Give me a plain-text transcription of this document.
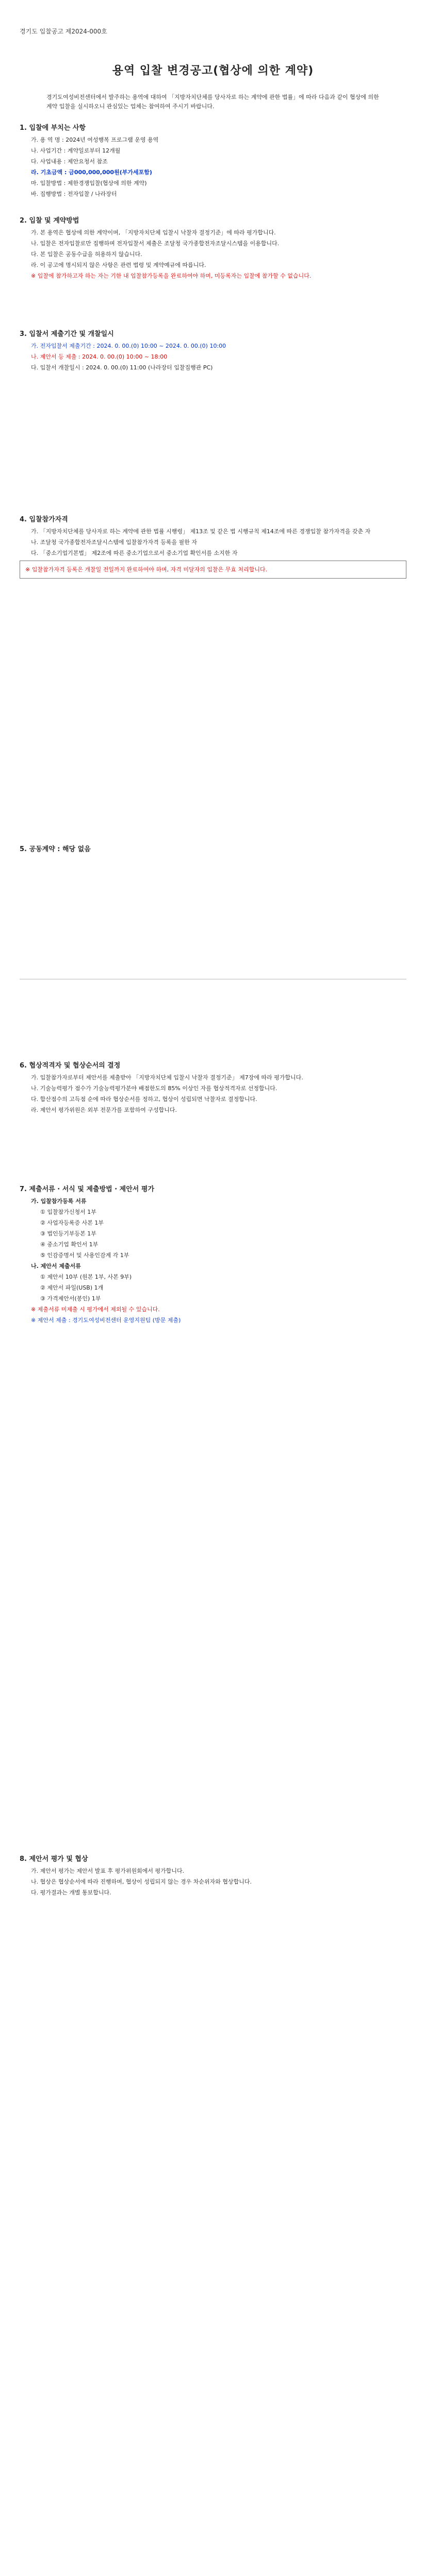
경기도 입찰공고 제2024-000호
용역 입찰 변경공고(협상에 의한 계약)
경기도여성비전센터에서 발주하는 용역에 대하여 「지방자치단체를 당사자로 하는 계약에 관한 법률」에 따라 다음과 같이 협상에 의한 계약 입찰을 실시하오니 관심있는 업체는 참여하여 주시기 바랍니다.
1. 입찰에 부치는 사항

가. 용 역 명 : 2024년 여성행복 프로그램 운영 용역

나. 사업기간 : 계약일로부터 12개월

다. 사업내용 : 제안요청서 참조

라. 기초금액 : 금000,000,000원(부가세포함)

마. 입찰방법 : 제한경쟁입찰(협상에 의한 계약)

바. 집행방법 : 전자입찰 / 나라장터

2. 입찰 및 계약방법

가. 본 용역은 협상에 의한 계약이며, 「지방자치단체 입찰시 낙찰자 결정기준」에 따라 평가합니다.

나. 입찰은 전자입찰로만 집행하며 전자입찰서 제출은 조달청 국가종합전자조달시스템을 이용합니다.

다. 본 입찰은 공동수급을 허용하지 않습니다.

라. 이 공고에 명시되지 않은 사항은 관련 법령 및 계약예규에 따릅니다.

※ 입찰에 참가하고자 하는 자는 기한 내 입찰참가등록을 완료하여야 하며, 미등록자는 입찰에 참가할 수 없습니다.

3. 입찰서 제출기간 및 개찰일시

가. 전자입찰서 제출기간 : 2024. 0. 00.(0) 10:00 ~ 2024. 0. 00.(0) 10:00

나. 제안서 등 제출 : 2024. 0. 00.(0) 10:00 ~ 18:00

다. 입찰서 개찰일시 : 2024. 0. 00.(0) 11:00 (나라장터 입찰집행관 PC)

4. 입찰참가자격

가. 「지방자치단체를 당사자로 하는 계약에 관한 법률 시행령」 제13조 및 같은 법 시행규칙 제14조에 따른 경쟁입찰 참가자격을 갖춘 자

나. 조달청 국가종합전자조달시스템에 입찰참가자격 등록을 필한 자

다. 「중소기업기본법」 제2조에 따른 중소기업으로서 중소기업 확인서를 소지한 자

※ 입찰참가자격 등록은 개찰일 전일까지 완료하여야 하며, 자격 미달자의 입찰은 무효 처리합니다.
5. 공동계약 : 해당 없음
6. 협상적격자 및 협상순서의 결정

가. 입찰참가자로부터 제안서를 제출받아 「지방자치단체 입찰시 낙찰자 결정기준」 제7장에 따라 평가합니다.

나. 기술능력평가 점수가 기술능력평가분야 배점한도의 85% 이상인 자를 협상적격자로 선정합니다.

다. 합산점수의 고득점 순에 따라 협상순서를 정하고, 협상이 성립되면 낙찰자로 결정합니다.

라. 제안서 평가위원은 외부 전문가를 포함하여 구성합니다.

7. 제출서류 · 서식 및 제출방법 · 제안서 평가

가. 입찰참가등록 서류

① 입찰참가신청서 1부

② 사업자등록증 사본 1부

③ 법인등기부등본 1부

④ 중소기업 확인서 1부

⑤ 인감증명서 및 사용인감계 각 1부

나. 제안서 제출서류

① 제안서 10부 (원본 1부, 사본 9부)

② 제안서 파일(USB) 1개

③ 가격제안서(봉인) 1부

※ 제출서류 미제출 시 평가에서 제외될 수 있습니다.

※ 제안서 제출 : 경기도여성비전센터 운영지원팀 (방문 제출)

8. 제안서 평가 및 협상

가. 제안서 평가는 제안서 발표 후 평가위원회에서 평가합니다.

나. 협상은 협상순서에 따라 진행하며, 협상이 성립되지 않는 경우 차순위자와 협상합니다.

다. 평가결과는 개별 통보합니다.
